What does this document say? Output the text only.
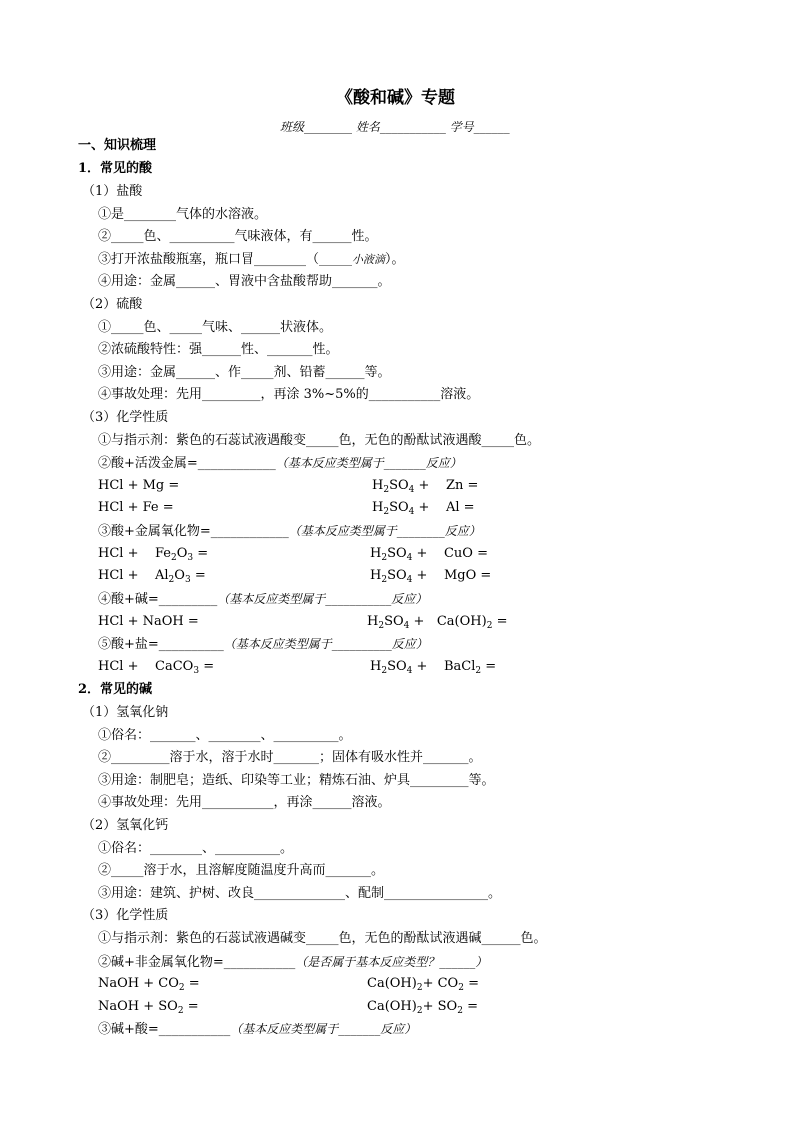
《酸和碱》专题
班级________ 姓名___________ 学号______
一、知识梳理
1．常见的酸
（1）盐酸
①是________气体的水溶液。
②_____色、__________气味液体，有______性。
③打开浓盐酸瓶塞，瓶口冒________（______小液滴）。
④用途：金属______、胃液中含盐酸帮助_______。
（2）硫酸
①_____色、_____气味、______状液体。
②浓硫酸特性：强______性、_______性。
③用途：金属______、作_____剂、铅蓄______等。
④事故处理：先用_________，再涂 3%~5%的___________溶液。
（3）化学性质
①与指示剂：紫色的石蕊试液遇酸变_____色，无色的酚酞试液遇酸_____色。
②酸+活泼金属=____________（基本反应类型属于_______反应）
HCl + Mg =	$H_2SO_4 + Zn$ =
HCl + Fe =	$H_2SO_4 + Al$ =
③酸+金属氧化物=____________（基本反应类型属于________反应）
HCl + $Fe_2O_3$ =	$H_2SO_4$ + CuO =
HCl + $Al_2O_3$ =	$H_2SO_4$ + MgO =
④酸+碱=_________（基本反应类型属于___________反应）
HCl + NaOH =	$H_2SO_4 + Ca(OH)_2$ =
⑤酸+盐=__________（基本反应类型属于__________反应）
HCl + CaCO$_3$ =	$H_2SO_4$ + BaCl$_2$ =
2．常见的碱
（1）氢氧化钠
①俗名：_______、________、__________。
②_________溶于水，溶于水时_______；固体有吸水性并_______。
③用途：制肥皂；造纸、印染等工业；精炼石油、炉具_________等。
④事故处理：先用___________，再涂______溶液。
（2）氢氧化钙
①俗名：________、__________。
②_____溶于水，且溶解度随温度升高而_______。
③用途：建筑、护树、改良______________、配制________________。
（3）化学性质
①与指示剂：紫色的石蕊试液遇碱变_____色，无色的酚酞试液遇碱______色。
②碱+非金属氧化物=___________（是否属于基本反应类型？______）
NaOH + $CO_2$ =	$Ca(OH)_2+ CO_2$ =
NaOH + $SO_2$ =	$Ca(OH)_2+ SO_2$ =
③碱+酸=___________（基本反应类型属于_______反应）
